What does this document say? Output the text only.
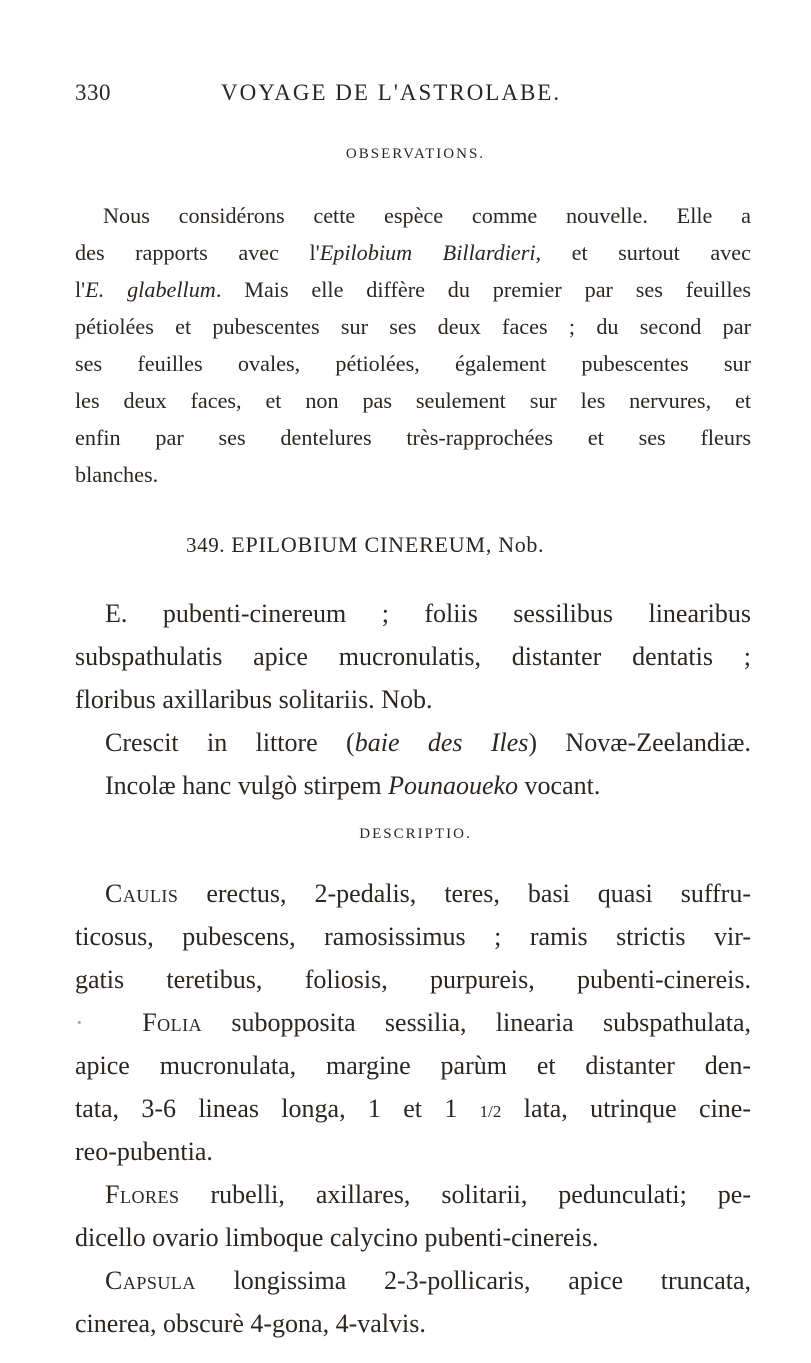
330	VOYAGE DE L'ASTROLABE.
OBSERVATIONS.
Nous considérons cette espèce comme nouvelle. Elle a
des rapports avec l'Epilobium Billardieri, et surtout avec
l'E. glabellum. Mais elle diffère du premier par ses feuilles
pétiolées et pubescentes sur ses deux faces ; du second par
ses feuilles ovales, pétiolées, également pubescentes sur
les deux faces, et non pas seulement sur les nervures, et
enfin par ses dentelures très-rapprochées et ses fleurs
blanches.
349. EPILOBIUM CINEREUM, Nob.
E. pubenti-cinereum ; foliis sessilibus linearibus
subspathulatis apice mucronulatis, distanter dentatis ;
floribus axillaribus solitariis. Nob.
Crescit in littore (baie des Iles) Novæ-Zeelandiæ.
Incolæ hanc vulgò stirpem Pounaoueko vocant.
DESCRIPTIO.
Caulis erectus, 2-pedalis, teres, basi quasi suffru-
ticosus, pubescens, ramosissimus ; ramis strictis vir-
gatis teretibus, foliosis, purpureis, pubenti-cinereis.
· Folia subopposita sessilia, linearia subspathulata,
apice mucronulata, margine parùm et distanter den-
tata, 3-6 lineas longa, 1 et 1 1/2 lata, utrinque cine-
reo-pubentia.
Flores rubelli, axillares, solitarii, pedunculati; pe-
dicello ovario limboque calycino pubenti-cinereis.
Capsula longissima 2-3-pollicaris, apice truncata,
cinerea, obscurè 4-gona, 4-valvis.
